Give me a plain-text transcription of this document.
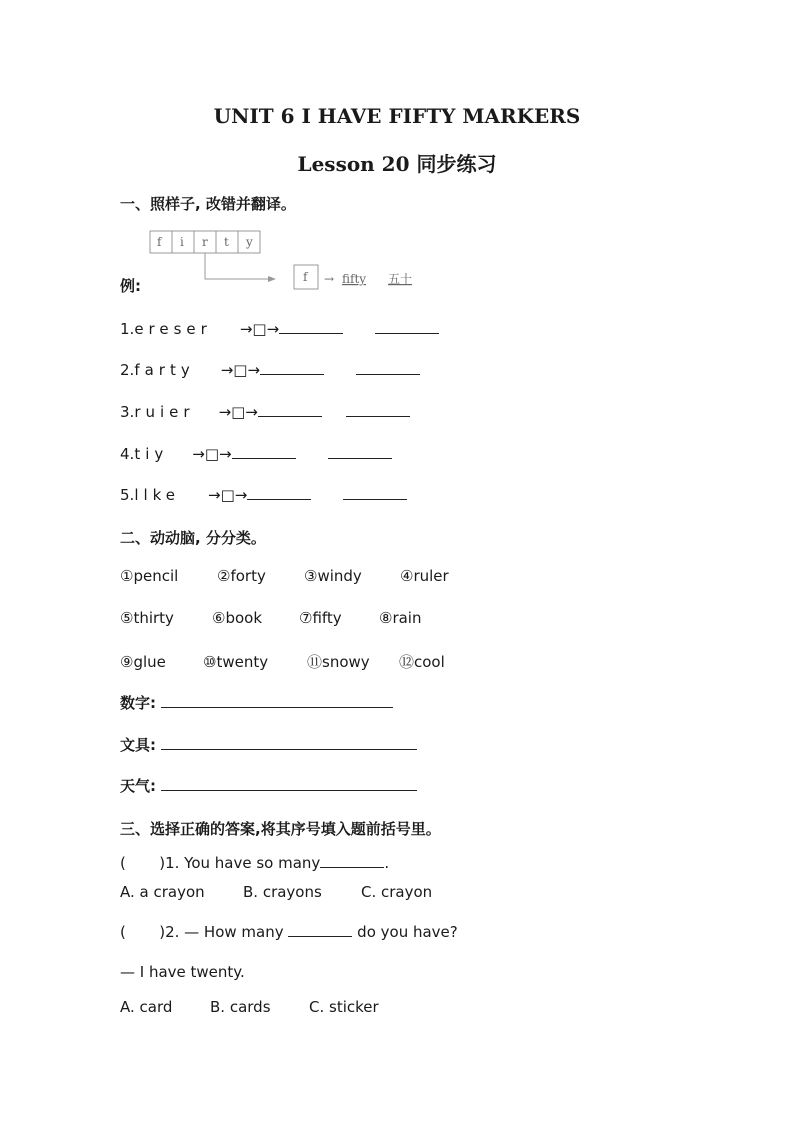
UNIT 6 I HAVE FIFTY MARKERS
Lesson 20 同步练习
一、照样子, 改错并翻译。
f i r t y
f → fifty 五十
例:
1.ereser →□→
2.farty →□→
3.ruier →□→
4.tiy →□→
5.llke →□→
二、动动脑, 分分类。
①pencil	②forty	③windy	④ruler
⑤thirty	⑥book ⑦fifty ⑧rain
⑨glue ⑩twenty	⑪snowy ⑫cool
数字:
文具:
天气:
三、选择正确的答案,将其序号填入题前括号里。
(       )1. You have so many	.
A. a crayon	B. crayons	C. crayon
(       )2. — How many	do you have?
— I have twenty.
A. card	B. cards	C. sticker
